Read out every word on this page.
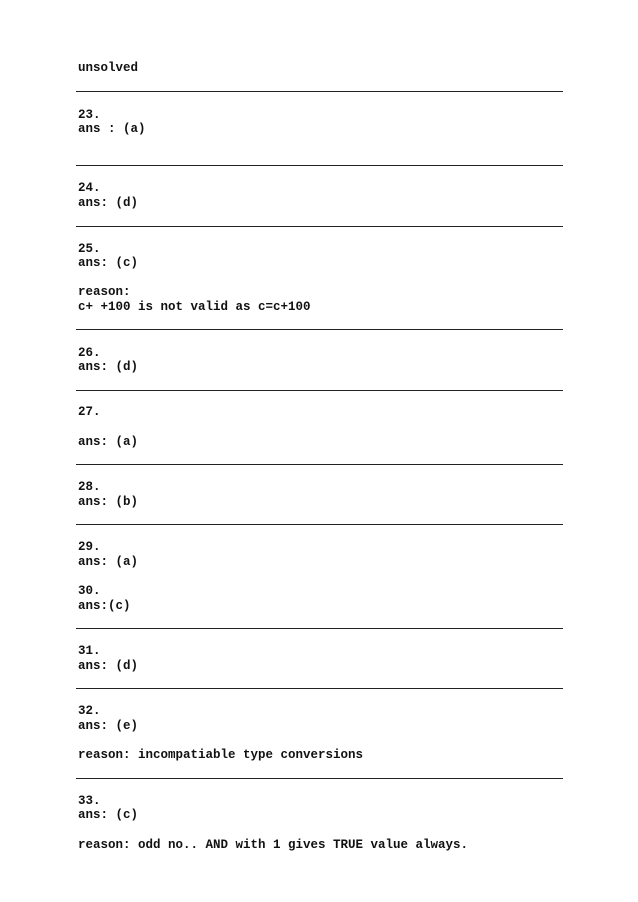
unsolved
23.
ans : (a)
24.
ans: (d)
25.
ans: (c)
reason:
c+ +100 is not valid as c=c+100
26.
ans: (d)
27.
ans: (a)
28.
ans: (b)
29.
ans: (a)
30.
ans:(c)
31.
ans: (d)
32.
ans: (e)
reason: incompatiable type conversions
33.
ans: (c)
reason: odd no.. AND with 1 gives TRUE value always.
